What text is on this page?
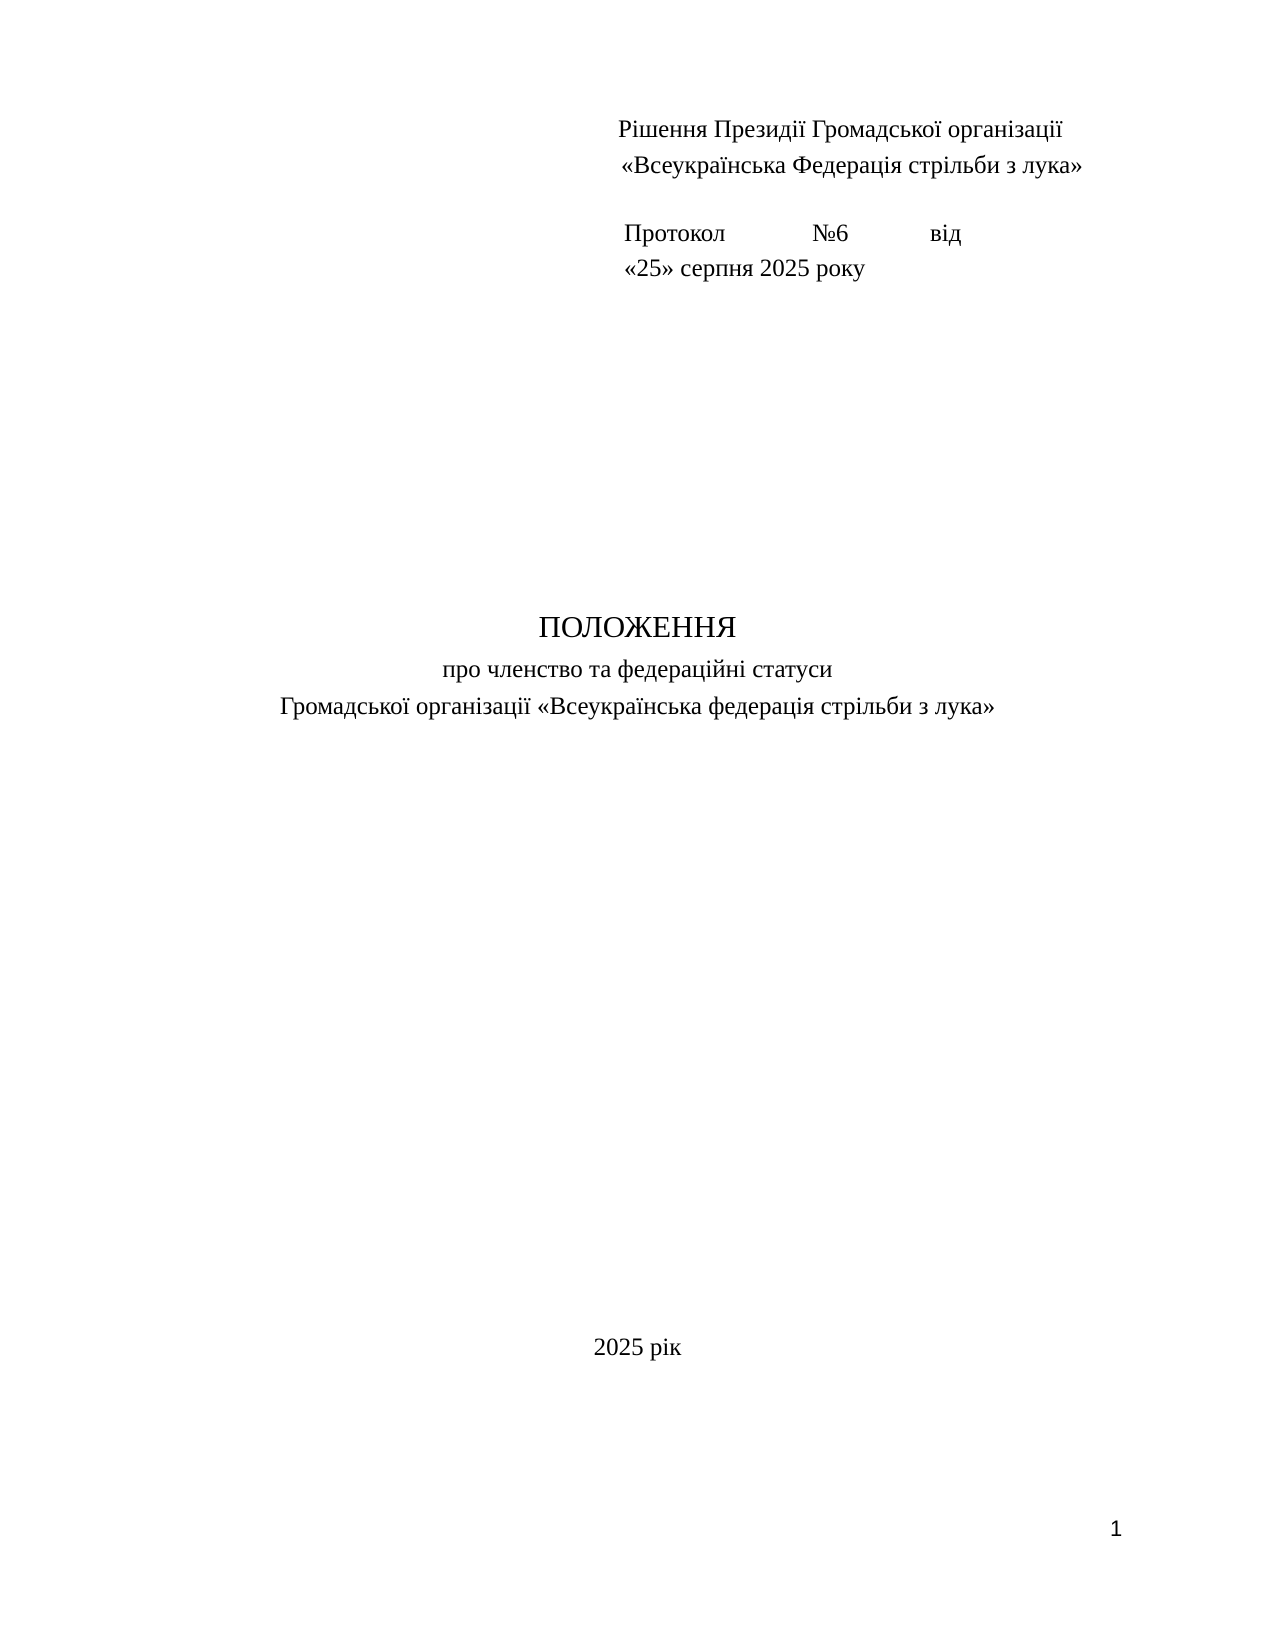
Рішення Президії Громадської організації
«Всеукраїнська Федерація стрільби з лука»
Протокол	№6	від
«25» серпня 2025 року
ПОЛОЖЕННЯ
про членство та федераційні статуси
Громадської організації «Всеукраїнська федерація стрільби з лука»
2025 рік
1
